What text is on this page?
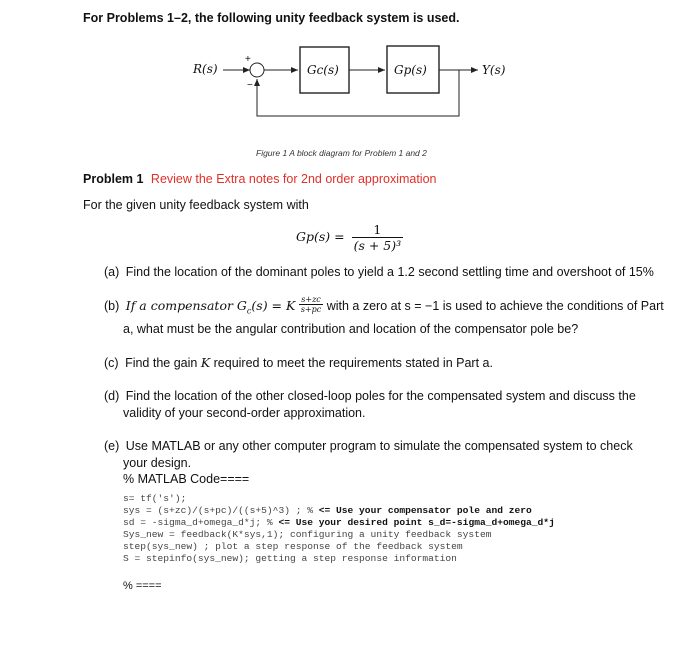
For Problems 1–2, the following unity feedback system is used.
R(s)
+
−
Gc(s)	Gp(s)	Y(s)
Figure 1 A block diagram for Problem 1 and 2
Problem 1 Review the Extra notes for 2nd order approximation
For the given unity feedback system with
$Gp(s) = \frac{1}{\text{(s + 5)³}}$
(a) Find the location of the dominant poles to yield a 1.2 second settling time and overshoot of 15%
(b) If a compensator $G_c(s) = K \frac{s+zc}{s+pc}$ with a zero at s = −1 is used to achieve the conditions of Part
a, what must be the angular contribution and location of the compensator pole be?
(c) Find the gain K required to meet the requirements stated in Part a.
(d) Find the location of the other closed-loop poles for the compensated system and discuss the
validity of your second-order approximation.
(e) Use MATLAB or any other computer program to simulate the compensated system to check
your design.
% MATLAB Code====
s= tf('s');
sys = (s+zc)/(s+pc)/((s+5)^3) ; % <= Use your compensator pole and zero
sd = -sigma_d+omega_d*j; % <= Use your desired point s_d=-sigma_d+omega_d*j
Sys_new = feedback(K*sys,1); configuring a unity feedback system
step(sys_new) ; plot a step response of the feedback system
S = stepinfo(sys_new); getting a step response information
% ====
